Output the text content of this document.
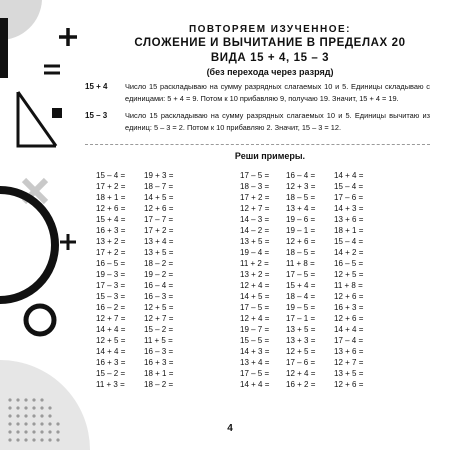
ПОВТОРЯЕМ ИЗУЧЕННОЕ:
СЛОЖЕНИЕ И ВЫЧИТАНИЕ В ПРЕДЕЛАХ 20
ВИДА 15 + 4, 15 – 3
(без перехода через разряд)
15 + 4	Число 15 раскладываю на сумму разрядных слагаемых 10 и 5. Единицы складываю с единицами: 5 + 4 = 9. Потом к 10 прибавляю 9, получаю 19. Значит, 15 + 4 = 19.
15 – 3	Число 15 раскладываю на сумму разрядных слагаемых 10 и 5. Единицы вычитаю из единиц: 5 – 3 = 2. Потом к 10 прибавляю 2. Значит, 15 – 3 = 12.
Реши примеры.
15 – 4 =
17 + 2 =
18 + 1 =
12 + 6 =
15 + 4 =
16 + 3 =
13 + 2 =
17 + 2 =
16 – 5 =
19 – 3 =
17 – 3 =
15 – 3 =
16 – 2 =
12 + 7 =
14 + 4 =
12 + 5 =
14 + 4 =
16 + 3 =
15 – 2 =
11 + 3 =
19 + 3 =
18 – 7 =
14 + 5 =
12 + 6 =
17 – 7 =
17 + 2 =
13 + 4 =
13 + 5 =
18 – 2 =
19 – 2 =
16 – 4 =
16 – 3 =
12 + 5 =
12 + 7 =
15 – 2 =
11 + 5 =
16 – 3 =
16 + 3 =
18 + 1 =
18 – 2 =
17 – 5 =
18 – 3 =
17 + 2 =
12 + 7 =
14 – 3 =
14 – 2 =
13 + 5 =
19 – 4 =
11 + 2 =
13 + 2 =
12 + 4 =
14 + 5 =
17 – 5 =
12 + 4 =
19 – 7 =
15 – 5 =
14 + 3 =
13 + 4 =
17 – 5 =
14 + 4 =
16 – 4 =
12 + 3 =
18 – 5 =
13 + 4 =
19 – 6 =
19 – 1 =
12 + 6 =
18 – 5 =
11 + 8 =
17 – 5 =
15 + 4 =
18 – 4 =
19 – 5 =
17 – 1 =
13 + 5 =
13 + 3 =
12 + 5 =
17 – 6 =
12 + 4 =
16 + 2 =
14 + 4 =
15 – 4 =
17 – 6 =
14 + 3 =
13 + 6 =
18 + 1 =
15 – 4 =
14 + 2 =
16 – 5 =
12 + 5 =
11 + 8 =
12 + 6 =
16 + 3 =
12 + 6 =
14 + 4 =
17 – 4 =
13 + 6 =
12 + 7 =
13 + 5 =
12 + 6 =
4
